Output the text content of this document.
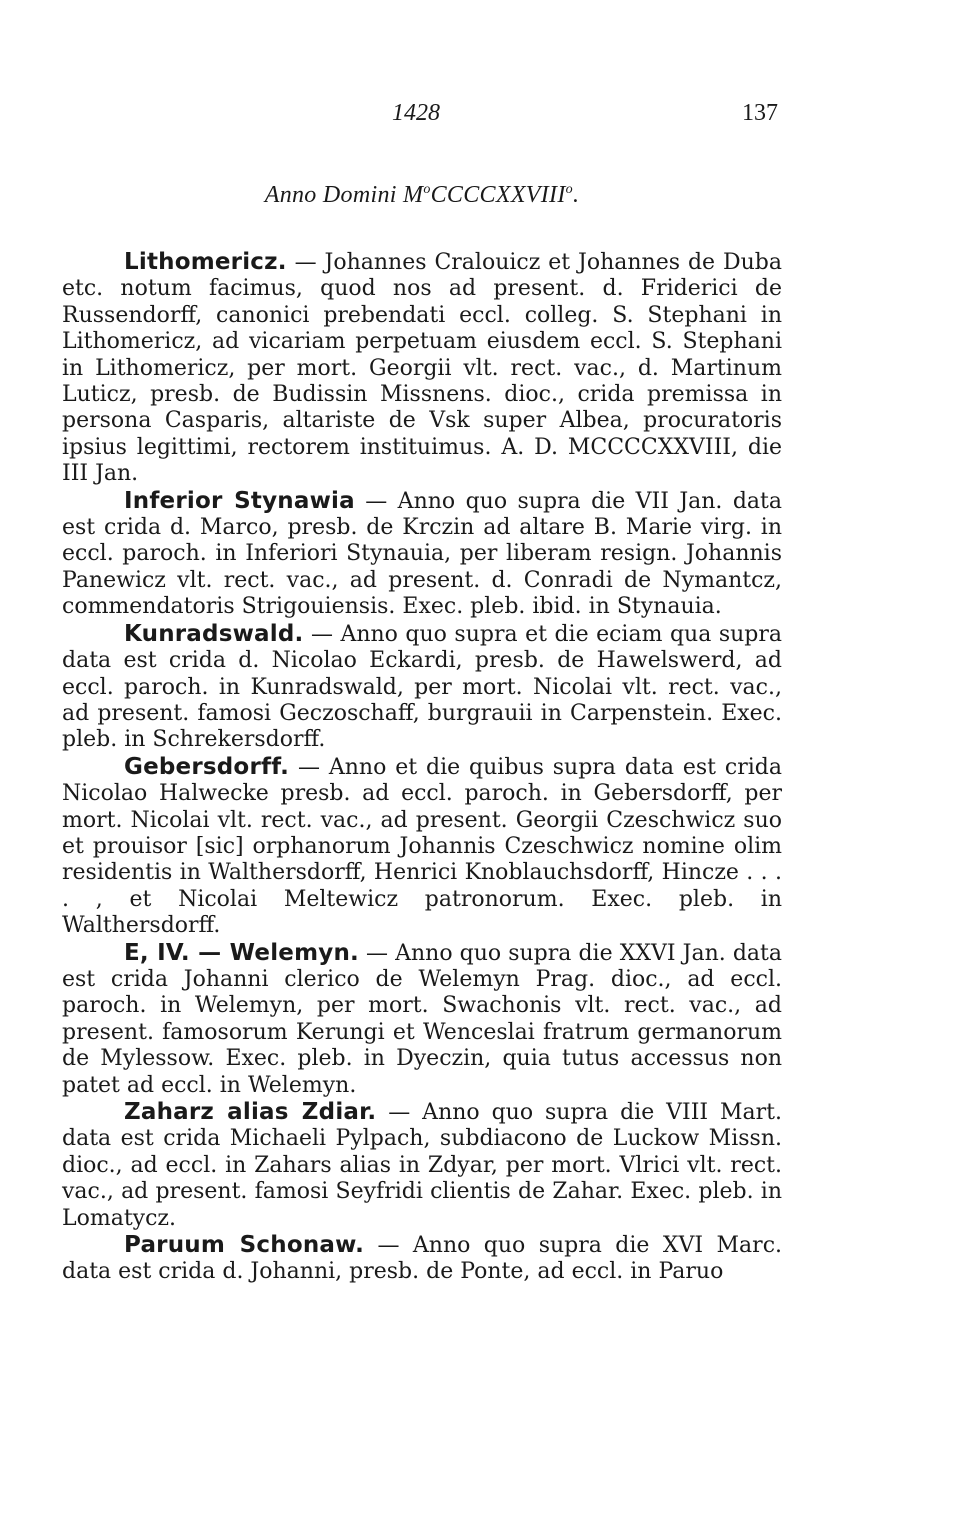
1428	137
Anno Domini $M^oCCCCXXVIII^o$.

Lithomericz. — Johannes Cralouicz et Johannes de Duba etc. notum facimus, quod nos ad present. d. Friderici de Russendorff, canonici prebendati eccl. colleg. S. Stephani in Lithomericz, ad vicariam perpetuam eiusdem eccl. S. Stephani in Lithomericz, per mort. Georgii vlt. rect. vac., d. Martinum Luticz, presb. de Budissin Missnens. dioc., crida premissa in persona Casparis, altariste de Vsk super Albea, procuratoris ipsius legittimi, rectorem instituimus. A. D. MCCCCXXVIII, die III Jan.

Inferior Stynawia — Anno quo supra die VII Jan. data est crida d. Marco, presb. de Krczin ad altare B. Marie virg. in eccl. paroch. in Inferiori Stynauia, per liberam resign. Johannis Panewicz vlt. rect. vac., ad present. d. Conradi de Nymantcz, commendatoris Strigouiensis. Exec. pleb. ibid. in Stynauia.

Kunradswald. — Anno quo supra et die eciam qua supra data est crida d. Nicolao Eckardi, presb. de Hawelswerd, ad eccl. paroch. in Kunradswald, per mort. Nicolai vlt. rect. vac., ad present. famosi Geczoschaff, burgrauii in Carpenstein. Exec. pleb. in Schrekersdorff.

Gebersdorff. — Anno et die quibus supra data est crida Nicolao Halwecke presb. ad eccl. paroch. in Gebersdorff, per mort. Nicolai vlt. rect. vac., ad present. Georgii Czeschwicz suo et prouisor [sic] orphanorum Johannis Czeschwicz nomine olim residentis in Walthersdorff, Henrici Knoblauchsdorff, Hincze . . . . , et Nicolai Meltewicz patronorum. Exec. pleb. in Walthersdorff.

E, IV. — Welemyn. — Anno quo supra die XXVI Jan. data est crida Johanni clerico de Welemyn Prag. dioc., ad eccl. paroch. in Welemyn, per mort. Swachonis vlt. rect. vac., ad present. famosorum Kerungi et Wenceslai fratrum germanorum de Mylessow. Exec. pleb. in Dyeczin, quia tutus accessus non patet ad eccl. in Welemyn.

Zaharz alias Zdiar. — Anno quo supra die VIII Mart. data est crida Michaeli Pylpach, subdiacono de Luckow Missn. dioc., ad eccl. in Zahars alias in Zdyar, per mort. Vlrici vlt. rect. vac., ad present. famosi Seyfridi clientis de Zahar. Exec. pleb. in Lomatycz.

Paruum Schonaw. — Anno quo supra die XVI Marc. data est crida d. Johanni, presb. de Ponte, ad eccl. in Paruo
